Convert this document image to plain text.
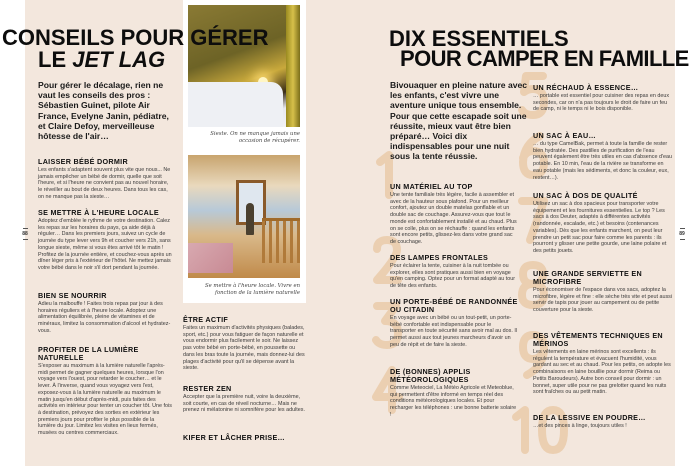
Sieste. On ne manque jamais une occasion de récupérer.
Se mettre à l'heure locale. Vivre en fonction de la lumière naturelle
CONSEILS POUR GÉRER
LE JET LAG
Pour gérer le décalage, rien ne vaut les conseils des pros : Sébastien Guinet, pilote Air France, Evelyne Janin, pédiatre, et Claire Defoy, merveilleuse hôtesse de l'air…
LAISSER BÉBÉ DORMIR

Les enfants s'adaptent souvent plus vite que nous... Ne jamais empêcher un bébé de dormir, quelle que soit l'heure, et si l'heure ne convient pas au nouvel horaire, le réveiller au bout de deux heures. Dans tous les cas, on ne manque pas la sieste…

SE METTRE À L'HEURE LOCALE

Adoptez d'emblée le rythme de votre destination. Calez les repas sur les horaires du pays, ça aide déjà à réguler… Dans les premiers jours, suivez un cycle de journée du type lever vers 9h et coucher vers 21h, sans longue sieste, même si vous êtes arrivé tôt le matin ! Profitez de la journée entière, et couchez-vous après un dîner léger pris à l'extérieur de l'hôtel. Ne mettez jamais votre bébé dans le noir s'il dort pendant la journée.

BIEN SE NOURRIR

Adieu la malbouffe ! Faites trois repas par jour à des horaires réguliers et à l'heure locale. Adoptez une alimentation équilibrée, pleine de vitamines et de minéraux, limitez la consommation d'alcool et hydratez-vous.

PROFITER DE LA LUMIÈRE NATURELLE

S'exposer au maximum à la lumière naturelle l'après-midi permet de gagner quelques heures, lorsque l'on voyage vers l'ouest, pour retarder le coucher… et le lever. À l'inverse, quand vous voyagez vers l'est, exposez-vous à la lumière naturelle au maximum le matin jusqu'en début d'après-midi, puis faites des activités en intérieur pour tenter un coucher tôt. Une fois à destination, prévoyez des sorties en extérieur les premiers jours pour profiter le plus possible de la lumière du jour. Limitez les visites en lieux fermés, musées ou centres commerciaux.

ÊTRE ACTIF

Faites un maximum d'activités physiques (balades, sport, etc.) pour vous fatiguer de façon naturelle et vous endormir plus facilement le soir. Ne laissez pas votre bébé en porte-bébé, en poussette ou dans les bras toute la journée, mais donnez-lui des plages d'activité pour qu'il se dépense avant la sieste.

RESTER ZEN

Accepter que la première nuit, voire la deuxième, soit courte, en cas de réveil nocturne… Mais ne prenez ni mélatonine ni somnifère pour les adultes.

KIFER ET LÂCHER PRISE…
88
DIX ESSENTIELS
POUR CAMPER EN FAMILLE
Bivouaquer en pleine nature avec les enfants, c'est vivre une aventure unique tous ensemble. Pour que cette escapade soit une réussite, mieux vaut être bien préparé… Voici dix indispensables pour une nuit sous la tente réussie.
UN MATÉRIEL AU TOP

Une tente familiale très légère, facile à assembler et avec de la hauteur sous plafond. Pour un meilleur confort, ajoutez un double matelas gonflable et un double sac de couchage. Assurez-vous que tout le monde est confortablement installé et au chaud. Plus on se colle, plus on se réchauffe : quand les enfants sont encore petits, glissez-les dans votre grand sac de couchage.

DES LAMPES FRONTALES

Pour éclairer la tente, cuisiner à la nuit tombée ou explorer, elles sont pratiques aussi bien en voyage qu'en camping. Optez pour un format adapté au tour de tête des enfants.

UN PORTE-BÉBÉ DE RANDONNÉE OU CITADIN

En voyage avec un bébé ou un tout-petit, un porte-bébé confortable est indispensable pour le transporter en toute sécurité sans avoir mal au dos. Il permet aussi aux tout jeunes marcheurs d'avoir un peu de répit et de faire la sieste.

DE (BONNES) APPLIS MÉTÉOROLOGIQUES

Comme Meteociel, La Météo Agricole et Meteoblue, qui permettent d'être informé en temps réel des conditions météorologiques locales. Et pour recharger les téléphones : une bonne batterie solaire !

UN RÉCHAUD À ESSENCE…

… portable est essentiel pour cuisiner des repas en deux secondes, car on n'a pas toujours le droit de faire un feu de camp, ni le temps ni le bois disponible.

UN SAC À EAU…

… du type CamelBak, permet à toute la famille de rester bien hydratée. Des pastilles de purification de l'eau peuvent également être très utiles en cas d'absence d'eau potable. En 10 min, l'eau de la rivière se transforme en eau potable (mais les sédiments, et donc la couleur, eux, restent…).

UN SAC À DOS DE QUALITÉ

Utilisez un sac à dos spacieux pour transporter votre équipement et les fournitures essentielles. Le top ? Les sacs à dos Deuter, adaptés à différentes activités (randonnée, escalade, etc.) et besoins (contenances variables). Dès que les enfants marchent, on peut leur prendre un petit sac pour faire comme les parents : ils pourront y glisser une petite gourde, une laine polaire et des petits jouets.

UNE GRANDE SERVIETTE EN MICROFIBRE

Pour économiser de l'espace dans vos sacs, adoptez la microfibre, légère et fine : elle sèche très vite et peut aussi servir de tapis pour jouer au campement ou de petite couverture pour la sieste.

DES VÊTEMENTS TECHNIQUES EN MÉRINOS

Les vêtements en laine mérinos sont excellents : ils régulent la température et évacuent l'humidité, vous gardant au sec et au chaud. Pour les petits, on adopte les combinaisons en laine bouillie pour dormir (Reima ou Petits Baroudeurs). Autre bon conseil pour dormir : un bonnet, super utile pour ne pas grelotter quand les nuits sont fraîches ou au petit matin.

DE LA LESSIVE EN POUDRE…

…et des pinces à linge, toujours utiles !

89
